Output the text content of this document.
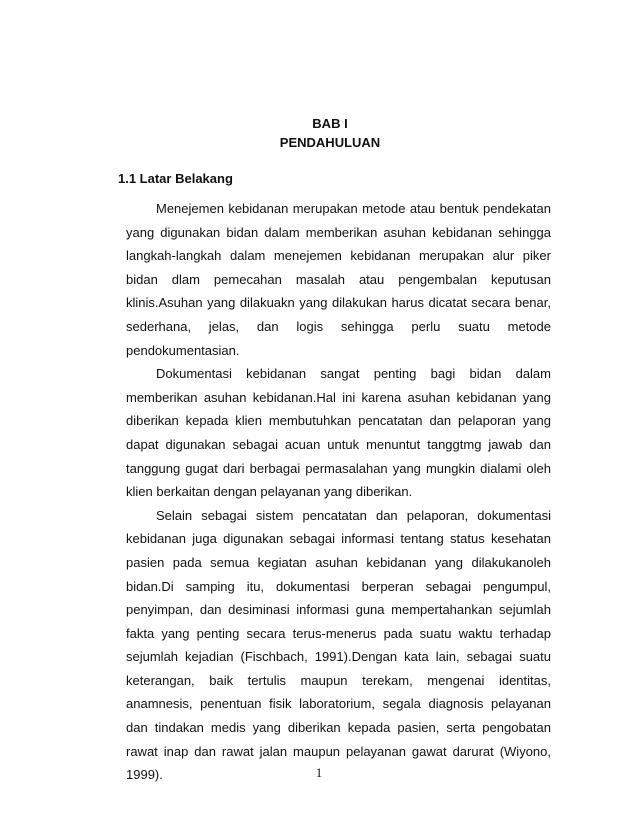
BAB I
PENDAHULUAN
1.1 Latar Belakang

Menejemen kebidanan merupakan metode atau bentuk pendekatan yang digunakan bidan dalam memberikan asuhan kebidanan sehingga langkah-langkah dalam menejemen kebidanan merupakan alur piker bidan dlam pemecahan masalah atau pengembalan keputusan klinis.Asuhan yang dilakuakn yang dilakukan harus dicatat secara benar, sederhana, jelas, dan logis sehingga perlu suatu metode pendokumentasian.

Dokumentasi kebidanan sangat penting bagi bidan dalam memberikan asuhan kebidanan.Hal ini karena asuhan kebidanan yang diberikan kepada klien membutuhkan pencatatan dan pelaporan yang dapat digunakan sebagai acuan untuk menuntut tanggtmg jawab dan tanggung gugat dari berbagai permasalahan yang mungkin dialami oleh klien berkaitan dengan pelayanan yang diberikan.

Selain sebagai sistem pencatatan dan pelaporan, dokumentasi kebidanan juga digunakan sebagai informasi tentang status kesehatan pasien pada semua kegiatan asuhan kebidanan yang dilakukanoleh bidan.Di samping itu, dokumentasi berperan sebagai pengumpul, penyimpan, dan desiminasi informasi guna mempertahankan sejumlah fakta yang penting secara terus-menerus pada suatu waktu terhadap sejumlah kejadian (Fischbach, 1991).Dengan kata lain, sebagai suatu keterangan, baik tertulis maupun terekam, mengenai identitas, anamnesis, penentuan fisik laboratorium, segala diagnosis pelayanan dan tindakan medis yang diberikan kepada pasien, serta pengobatan rawat inap dan rawat jalan maupun pelayanan gawat darurat (Wiyono, 1999).	1
